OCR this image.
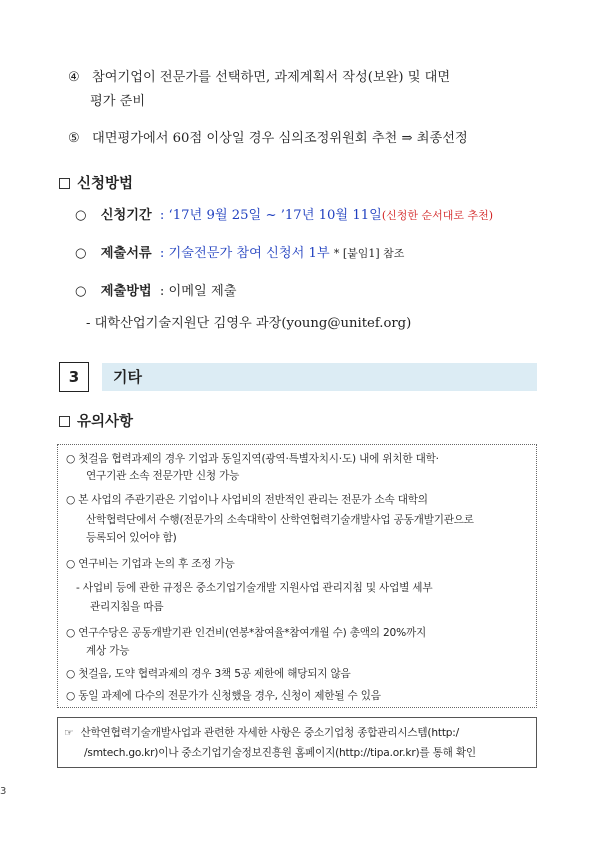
④ 참여기업이 전문가를 선택하면, 과제계획서 작성(보완) 및 대면
평가 준비
⑤ 대면평가에서 60점 이상일 경우 심의조정위원회 추천 ⇒ 최종선정
신청방법
○ 신청기간 : ‘17년 9월 25일 ~ ’17년 10월 11일(신청한 순서대로 추천)
○ 제출서류 : 기술전문가 참여 신청서 1부 * [붙임1] 참조
○ 제출방법 : 이메일 제출
- 대학산업기술지원단 김영우 과장(young@unitef.org)
3	기타
유의사항
○ 첫걸음 협력과제의 경우 기업과 동일지역(광역·특별자치시·도) 내에 위치한 대학·
연구기관 소속 전문가만 신청 가능
○ 본 사업의 주관기관은 기업이나 사업비의 전반적인 관리는 전문가 소속 대학의
산학협력단에서 수행(전문가의 소속대학이 산학연협력기술개발사업 공동개발기관으로
등록되어 있어야 함)
○ 연구비는 기업과 논의 후 조정 가능
- 사업비 등에 관한 규정은 중소기업기술개발 지원사업 관리지침 및 사업별 세부
관리지침을 따름
○ 연구수당은 공동개발기관 인건비(연봉*참여율*참여개월 수) 총액의 20%까지
계상 가능
○ 첫걸음, 도약 협력과제의 경우 3책 5공 제한에 해당되지 않음
○ 동일 과제에 다수의 전문가가 신청했을 경우, 신청이 제한될 수 있음
☞ 산학연협력기술개발사업과 관련한 자세한 사항은 중소기업청 종합관리시스템(http:/
/smtech.go.kr)이나 중소기업기술정보진흥원 홈페이지(http://tipa.or.kr)를 통해 확인
3
